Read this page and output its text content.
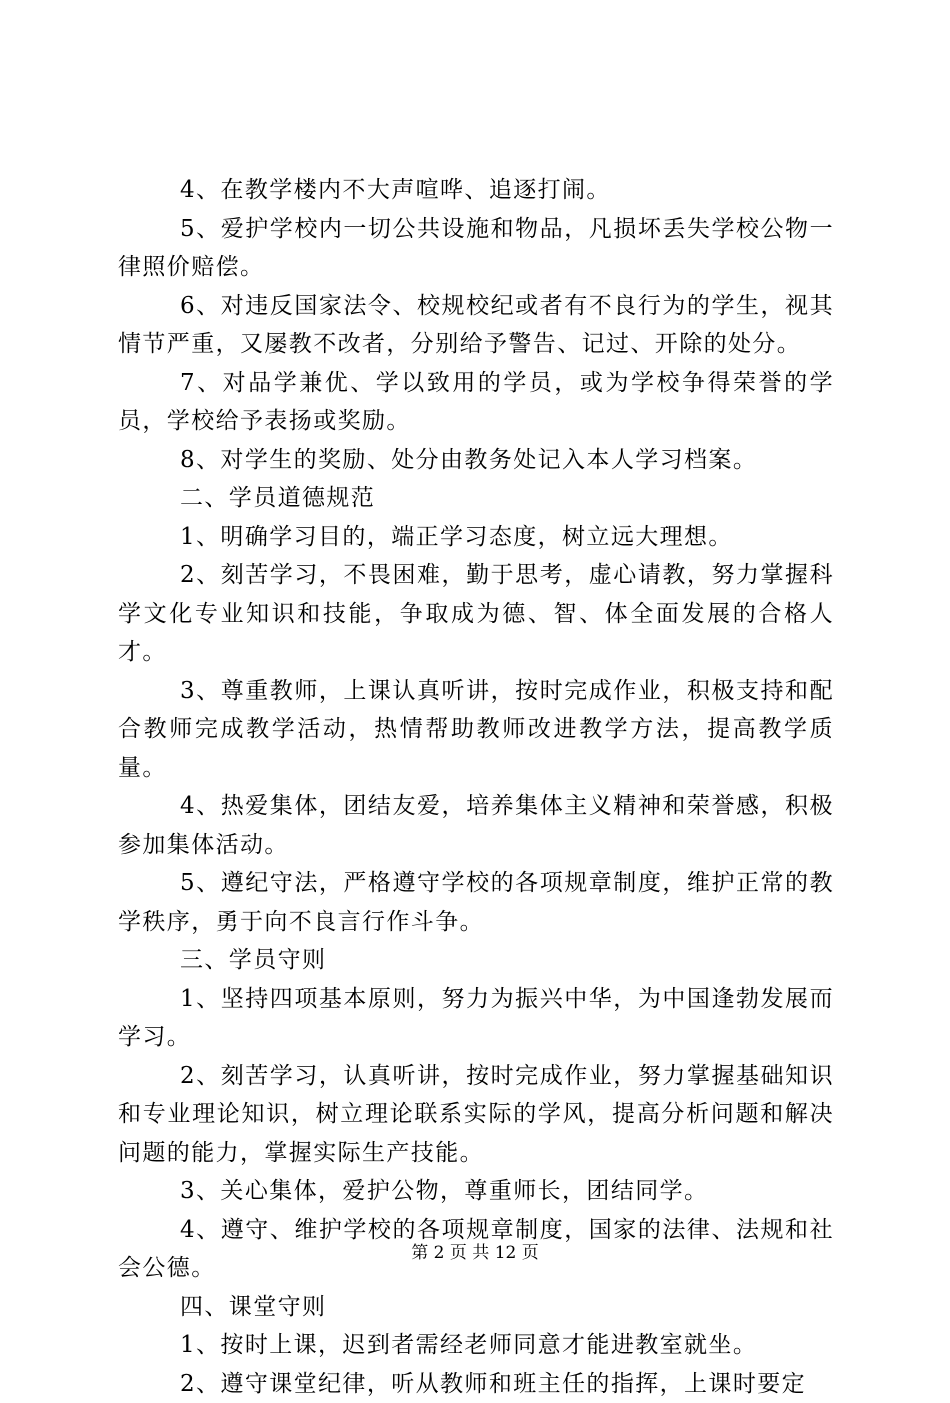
4、在教学楼内不大声喧哗、追逐打闹。

5、爱护学校内一切公共设施和物品，凡损坏丢失学校公物一律照价赔偿。

6、对违反国家法令、校规校纪或者有不良行为的学生，视其情节严重，又屡教不改者，分别给予警告、记过、开除的处分。

7、对品学兼优、学以致用的学员，或为学校争得荣誉的学员，学校给予表扬或奖励。

8、对学生的奖励、处分由教务处记入本人学习档案。

二、学员道德规范

1、明确学习目的，端正学习态度，树立远大理想。

2、刻苦学习，不畏困难，勤于思考，虚心请教，努力掌握科学文化专业知识和技能，争取成为德、智、体全面发展的合格人才。

3、尊重教师，上课认真听讲，按时完成作业，积极支持和配合教师完成教学活动，热情帮助教师改进教学方法，提高教学质量。

4、热爱集体，团结友爱，培养集体主义精神和荣誉感，积极参加集体活动。

5、遵纪守法，严格遵守学校的各项规章制度，维护正常的教学秩序，勇于向不良言行作斗争。

三、学员守则

1、坚持四项基本原则，努力为振兴中华，为中国逢勃发展而学习。

2、刻苦学习，认真听讲，按时完成作业，努力掌握基础知识和专业理论知识，树立理论联系实际的学风，提高分析问题和解决问题的能力，掌握实际生产技能。

3、关心集体，爱护公物，尊重师长，团结同学。

4、遵守、维护学校的各项规章制度，国家的法律、法规和社会公德。

四、课堂守则

1、按时上课，迟到者需经老师同意才能进教室就坐。

2、遵守课堂纪律，听从教师和班主任的指挥，上课时要定

第 2 页 共 12 页
